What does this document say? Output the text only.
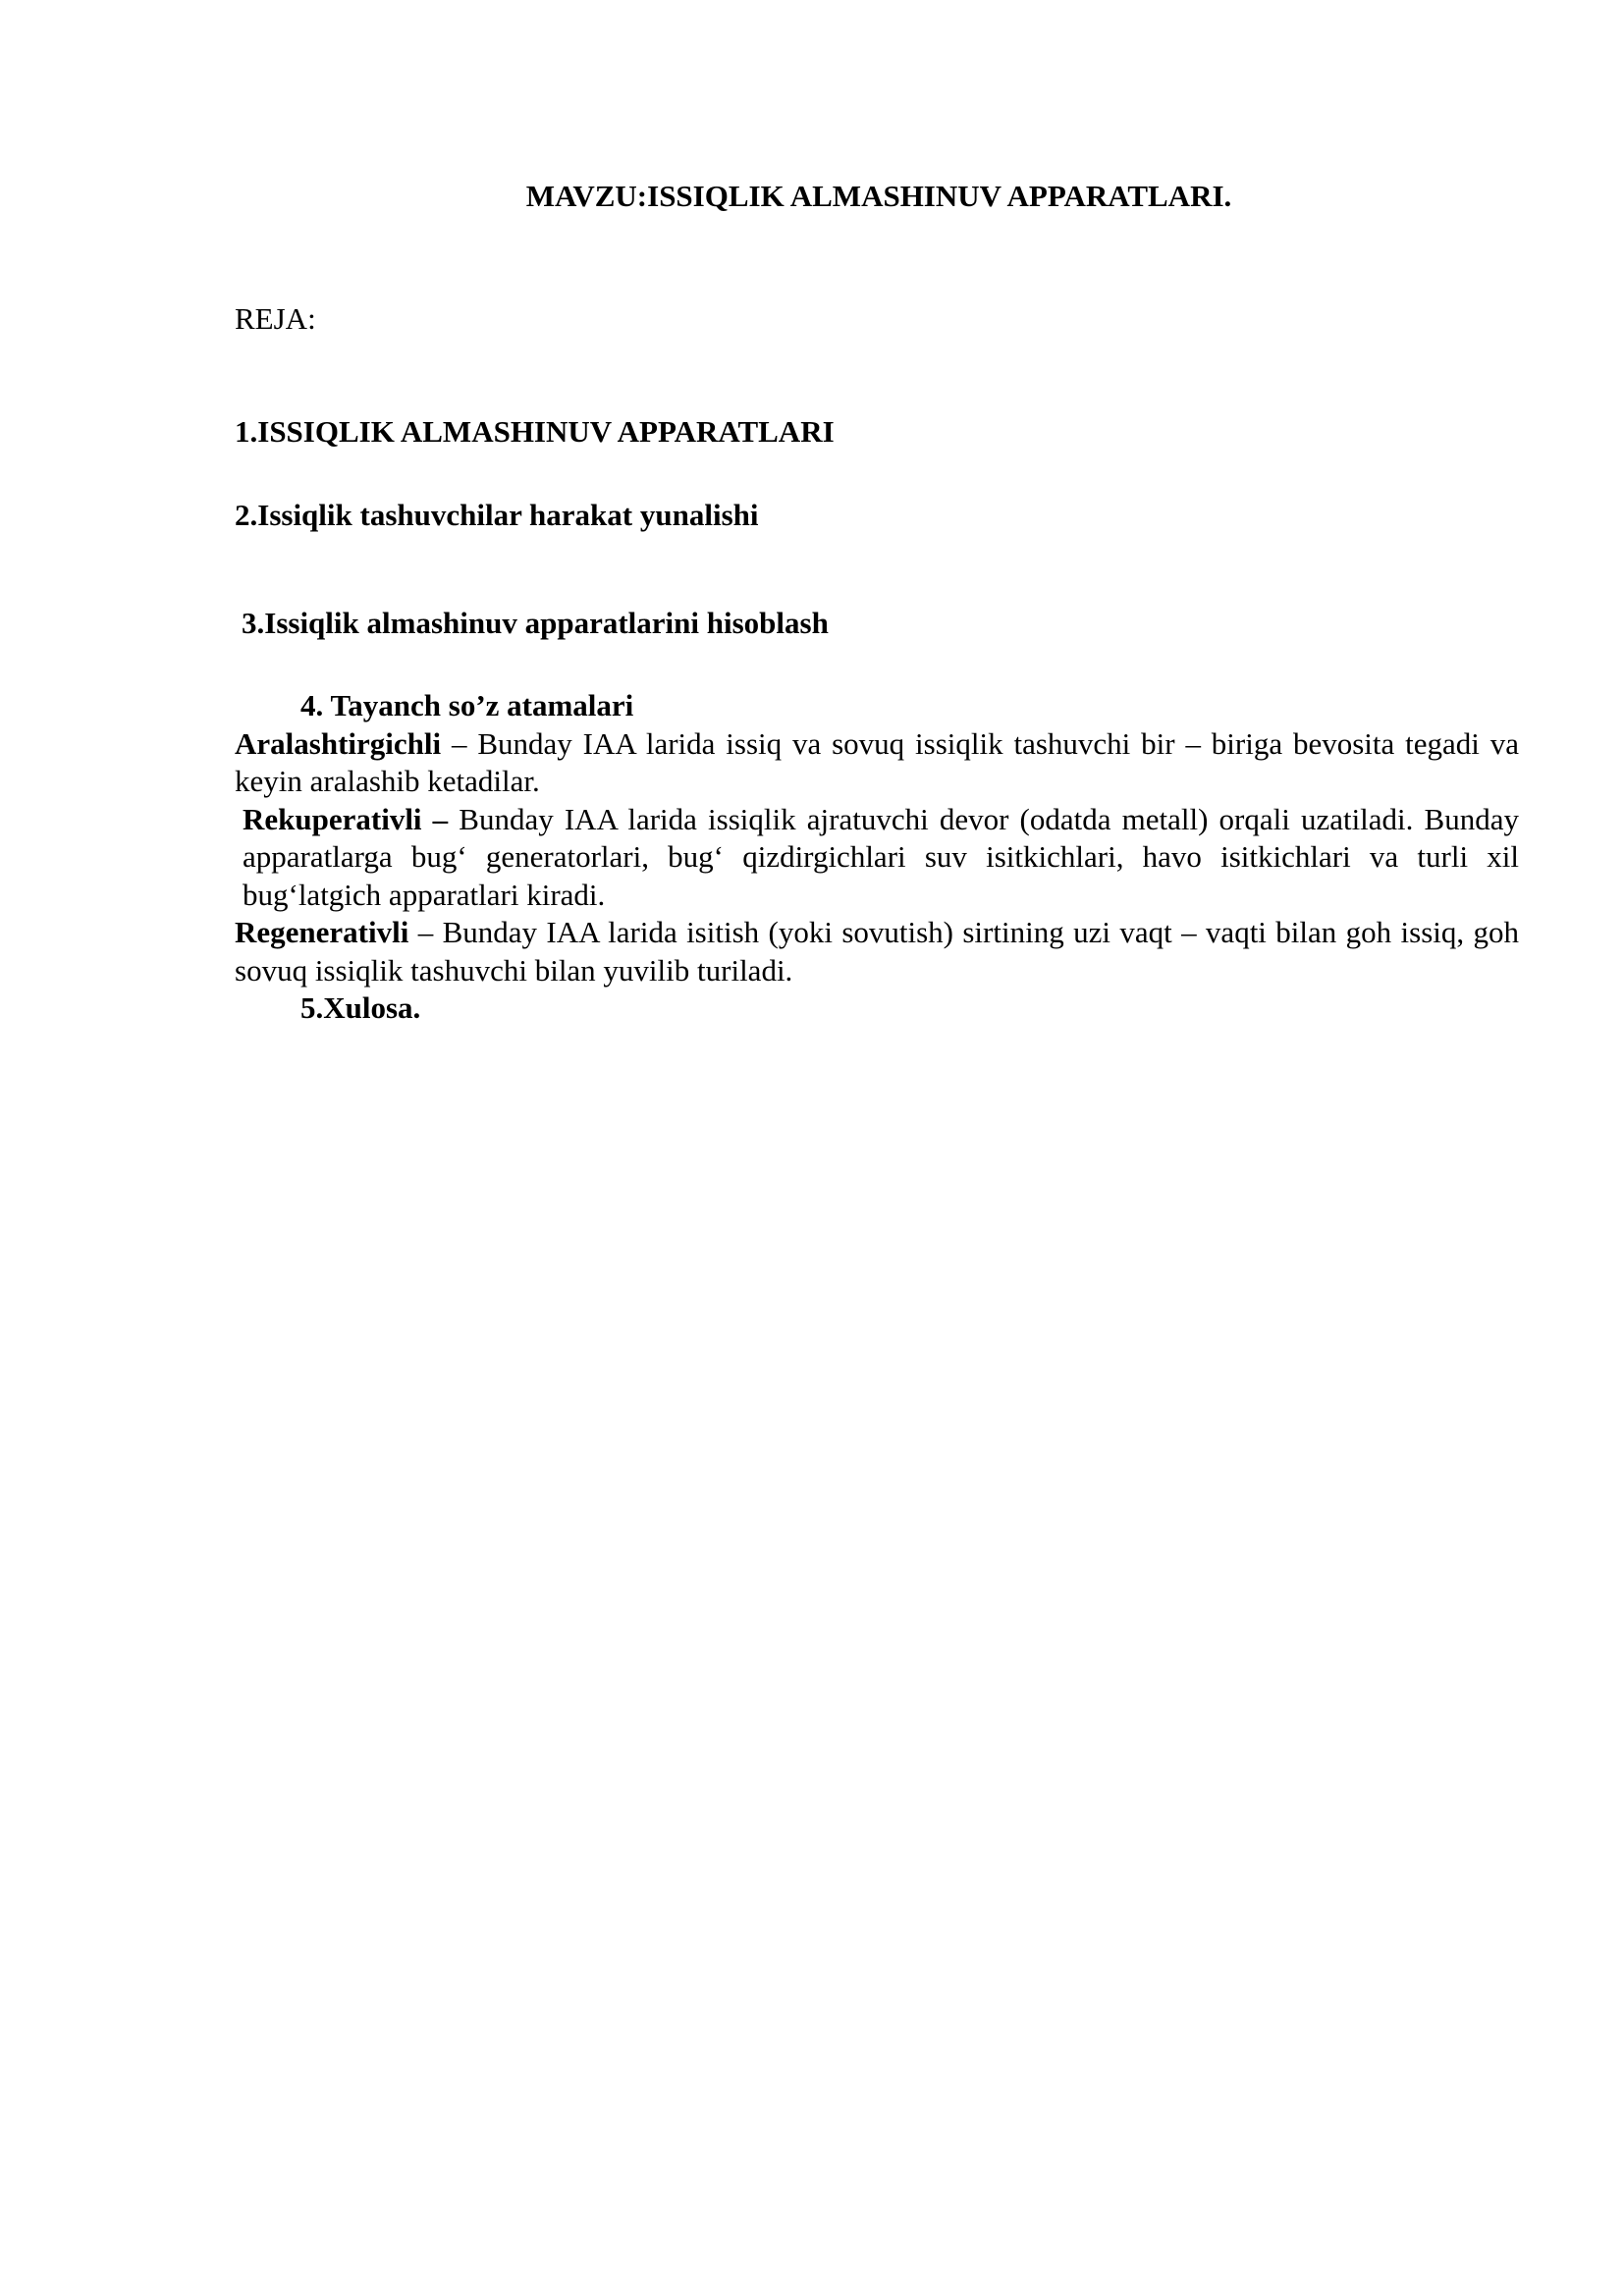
MAVZU:ISSIQLIK ALMASHINUV APPARATLARI.
REJA:
1.ISSIQLIK ALMASHINUV APPARATLARI
2.Issiqlik tashuvchilar harakat yunalishi
3.Issiqlik almashinuv apparatlarini hisoblash

4. Tayanch so’z atamalari

Aralashtirgichli – Bunday IAA larida issiq va sovuq issiqlik tashuvchi bir – biriga bevosita tegadi va keyin aralashib ketadilar.

Rekuperativli – Bunday IAA larida issiqlik ajratuvchi devor (odatda metall) orqali uzatiladi. Bunday apparatlarga bug‘ generatorlari, bug‘ qizdirgichlari suv isitkichlari, havo isitkichlari va turli xil bug‘latgich apparatlari kiradi.

Regenerativli – Bunday IAA larida isitish (yoki sovutish) sirtining uzi vaqt – vaqti bilan goh issiq, goh sovuq issiqlik tashuvchi bilan yuvilib turiladi.

5.Xulosa.
